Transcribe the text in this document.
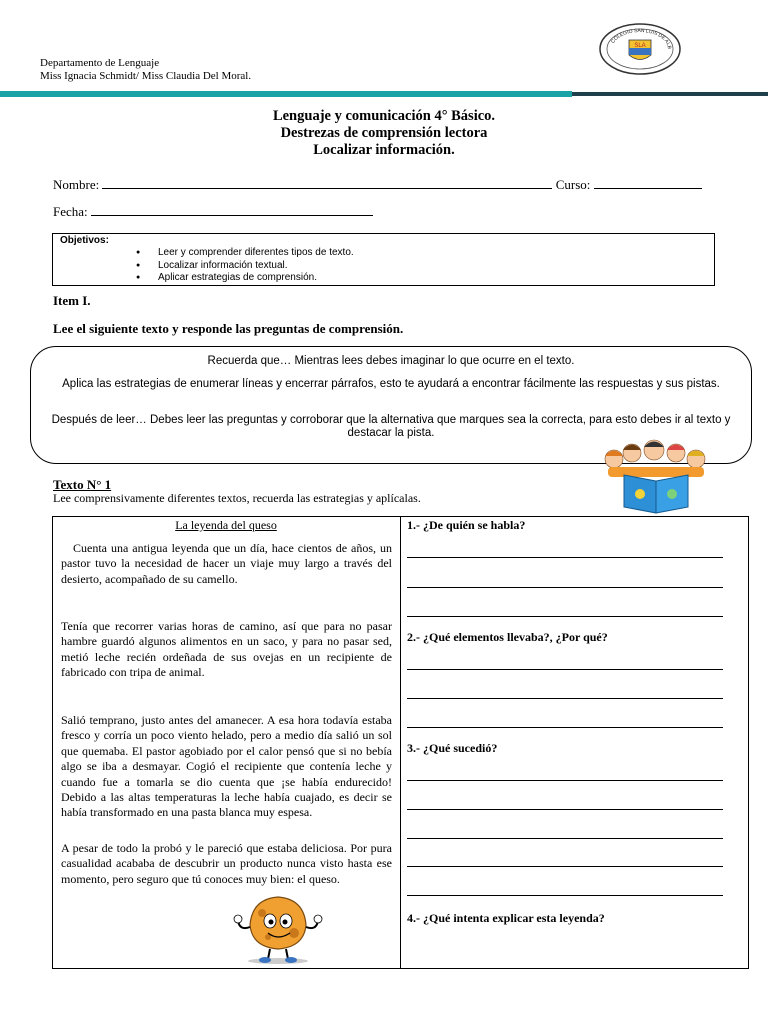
Departamento de Lenguaje
Miss Ignacia Schmidt/ Miss Claudia Del Moral.
COLEGIO SAN LUIS DE ALB
SLA
Lenguaje y comunicación 4° Básico.
Destrezas de comprensión lectora
Localizar información.
Nombre:	Curso:
Fecha:
Objetivos:
● Leer y comprender diferentes tipos de texto.
● Localizar información textual.
● Aplicar estrategias de comprensión.
Item I.
Lee el siguiente texto y responde las preguntas de comprensión.

Recuerda que… Mientras lees debes imaginar lo que ocurre en el texto.

Aplica las estrategias de enumerar líneas y encerrar párrafos, esto te ayudará a encontrar fácilmente las respuestas y sus pistas.

Después de leer… Debes leer las preguntas y corroborar que la alternativa que marques sea la correcta, para esto debes ir al texto y destacar la pista.

Texto N° 1
Lee comprensivamente diferentes textos, recuerda las estrategias y aplícalas.
La leyenda del queso

Cuenta una antigua leyenda que un día, hace cientos de años, un pastor tuvo la necesidad de hacer un viaje muy largo a través del desierto, acompañado de su camello.

Tenía que recorrer varias horas de camino, así que para no pasar hambre guardó algunos alimentos en un saco, y para no pasar sed, metió leche recién ordeñada de sus ovejas en un recipiente de fabricado con tripa de animal.

Salió temprano, justo antes del amanecer. A esa hora todavía estaba fresco y corría un poco viento helado, pero a medio día salió un sol que quemaba. El pastor agobiado por el calor pensó que si no bebía algo se iba a desmayar. Cogió el recipiente que contenía leche y cuando fue a tomarla se dio cuenta que ¡se había endurecido! Debido a las altas temperaturas la leche había cuajado, es decir se había transformado en una pasta blanca muy espesa.

A pesar de todo la probó y le pareció que estaba deliciosa. Por pura casualidad acababa de descubrir un producto nunca visto hasta ese momento, pero seguro que tú conoces muy bien: el queso.

1.- ¿De quién se habla?
2.- ¿Qué elementos llevaba?, ¿Por qué?
3.- ¿Qué sucedió?
4.- ¿Qué intenta explicar esta leyenda?
